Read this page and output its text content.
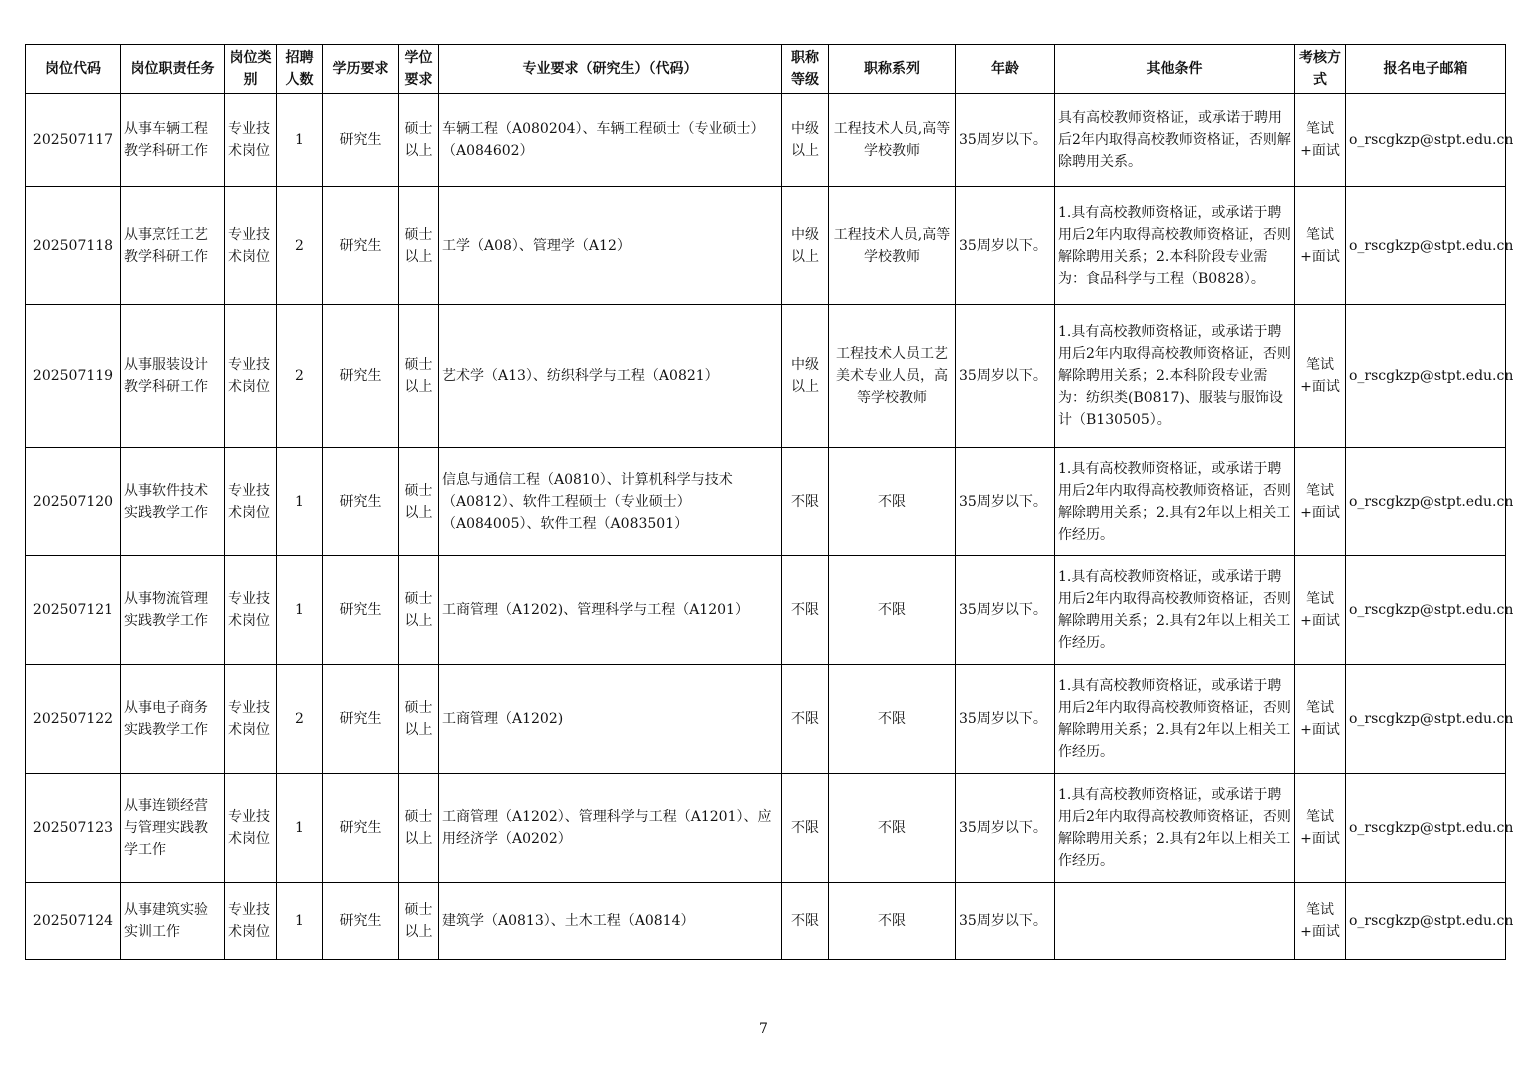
岗位代码	岗位职责任务	岗位类别	招聘人数	学历要求	学位要求	专业要求（研究生）（代码）	职称等级	职称系列	年龄	其他条件	考核方式	报名电子邮箱
202507117	从事车辆工程教学科研工作	专业技术岗位	1	研究生	硕士以上	车辆工程（A080204）、车辆工程硕士（专业硕士）（A084602）	中级以上	工程技术人员,高等学校教师	35周岁以下。	具有高校教师资格证，或承诺于聘用后2年内取得高校教师资格证，否则解除聘用关系。	笔试+面试	o_rscgkzp@stpt.edu.cn
202507118	从事烹饪工艺教学科研工作	专业技术岗位	2	研究生	硕士以上	工学（A08）、管理学（A12）	中级以上	工程技术人员,高等学校教师	35周岁以下。	1.具有高校教师资格证，或承诺于聘用后2年内取得高校教师资格证，否则解除聘用关系；2.本科阶段专业需为：食品科学与工程（B0828）。	笔试+面试	o_rscgkzp@stpt.edu.cn
202507119	从事服装设计教学科研工作	专业技术岗位	2	研究生	硕士以上	艺术学（A13）、纺织科学与工程（A0821）	中级以上	工程技术人员工艺美术专业人员，高等学校教师	35周岁以下。	1.具有高校教师资格证，或承诺于聘用后2年内取得高校教师资格证，否则解除聘用关系；2.本科阶段专业需为：纺织类(B0817)、服装与服饰设计（B130505）。	笔试+面试	o_rscgkzp@stpt.edu.cn
202507120	从事软件技术实践教学工作	专业技术岗位	1	研究生	硕士以上	信息与通信工程（A0810）、计算机科学与技术（A0812）、软件工程硕士（专业硕士）（A084005）、软件工程（A083501）	不限	不限	35周岁以下。	1.具有高校教师资格证，或承诺于聘用后2年内取得高校教师资格证，否则解除聘用关系；2.具有2年以上相关工作经历。	笔试+面试	o_rscgkzp@stpt.edu.cn
202507121	从事物流管理实践教学工作	专业技术岗位	1	研究生	硕士以上	工商管理（A1202)、管理科学与工程（A1201）	不限	不限	35周岁以下。	1.具有高校教师资格证，或承诺于聘用后2年内取得高校教师资格证，否则解除聘用关系；2.具有2年以上相关工作经历。	笔试+面试	o_rscgkzp@stpt.edu.cn
202507122	从事电子商务实践教学工作	专业技术岗位	2	研究生	硕士以上	工商管理（A1202)	不限	不限	35周岁以下。	1.具有高校教师资格证，或承诺于聘用后2年内取得高校教师资格证，否则解除聘用关系；2.具有2年以上相关工作经历。	笔试+面试	o_rscgkzp@stpt.edu.cn
202507123	从事连锁经营与管理实践教学工作	专业技术岗位	1	研究生	硕士以上	工商管理（A1202）、管理科学与工程（A1201）、应用经济学（A0202）	不限	不限	35周岁以下。	1.具有高校教师资格证，或承诺于聘用后2年内取得高校教师资格证，否则解除聘用关系；2.具有2年以上相关工作经历。	笔试+面试	o_rscgkzp@stpt.edu.cn
202507124	从事建筑实验实训工作	专业技术岗位	1	研究生	硕士以上	建筑学（A0813）、土木工程（A0814）	不限	不限	35周岁以下。		笔试+面试	o_rscgkzp@stpt.edu.cn
7
